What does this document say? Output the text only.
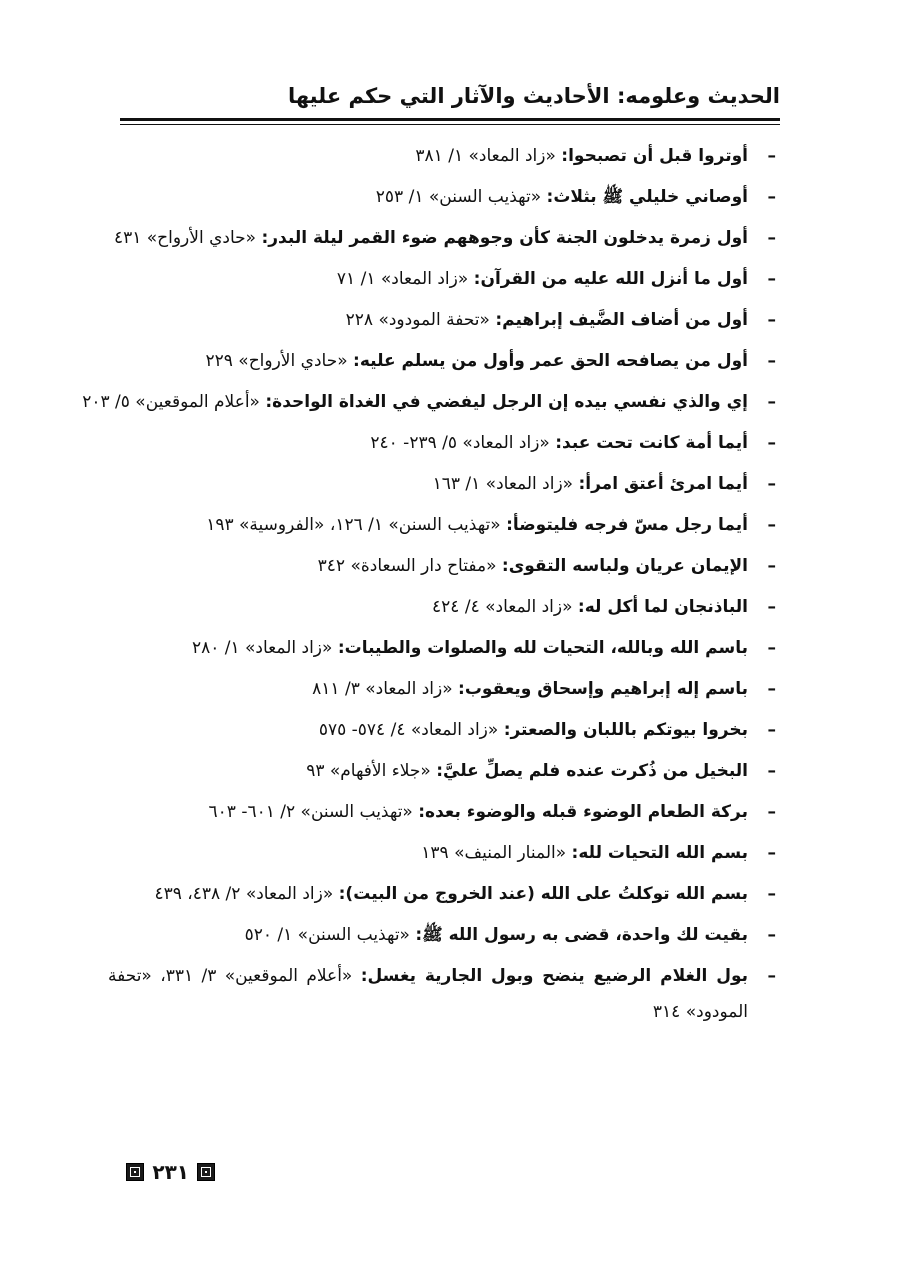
الحديث وعلومه: الأحاديث والآثار التي حكم عليها
–
أوتروا قبل أن تصبحوا: «زاد المعاد» ١/ ٣٨١
–
أوصاني خليلي ﷺ بثلاث: «تهذيب السنن» ١/ ٢٥٣
–
أول زمرة يدخلون الجنة كأن وجوههم ضوء القمر ليلة البدر: «حادي الأرواح» ٤٣١
–
أول ما أنزل الله عليه من القرآن: «زاد المعاد» ١/ ٧١
–
أول من أضاف الضَّيف إبراهيم: «تحفة المودود» ٢٢٨
–
أول من يصافحه الحق عمر وأول من يسلم عليه: «حادي الأرواح» ٢٢٩
–
إي والذي نفسي بيده إن الرجل ليفضي في الغداة الواحدة: «أعلام الموقعين» ٥/ ٢٠٣
–
أيما أمة كانت تحت عبد: «زاد المعاد» ٥/ ٢٣٩- ٢٤٠
–
أيما امرئ أعتق امرأ: «زاد المعاد» ١/ ١٦٣
–
أيما رجل مسّ فرجه فليتوضأ: «تهذيب السنن» ١/ ١٢٦، «الفروسية» ١٩٣
–
الإيمان عريان ولباسه التقوى: «مفتاح دار السعادة» ٣٤٢
–
الباذنجان لما أكل له: «زاد المعاد» ٤/ ٤٢٤
–
باسم الله وبالله، التحيات لله والصلوات والطيبات: «زاد المعاد» ١/ ٢٨٠
–
باسم إله إبراهيم وإسحاق ويعقوب: «زاد المعاد» ٣/ ٨١١
–
بخروا بيوتكم باللبان والصعتر: «زاد المعاد» ٤/ ٥٧٤- ٥٧٥
–
البخيل من ذُكرت عنده فلم يصلِّ عليَّ: «جلاء الأفهام» ٩٣
–
بركة الطعام الوضوء قبله والوضوء بعده: «تهذيب السنن» ٢/ ٦٠١- ٦٠٣
–
بسم الله التحيات لله: «المنار المنيف» ١٣٩
–
بسم الله توكلتُ على الله (عند الخروج من البيت): «زاد المعاد» ٢/ ٤٣٨، ٤٣٩
–
بقيت لك واحدة، قضى به رسول الله ﷺ: «تهذيب السنن» ١/ ٥٢٠
–
بول الغلام الرضيع ينضح وبول الجارية يغسل: «أعلام الموقعين» ٣/ ٣٣١، «تحفة المودود» ٣١٤
٢٣١
